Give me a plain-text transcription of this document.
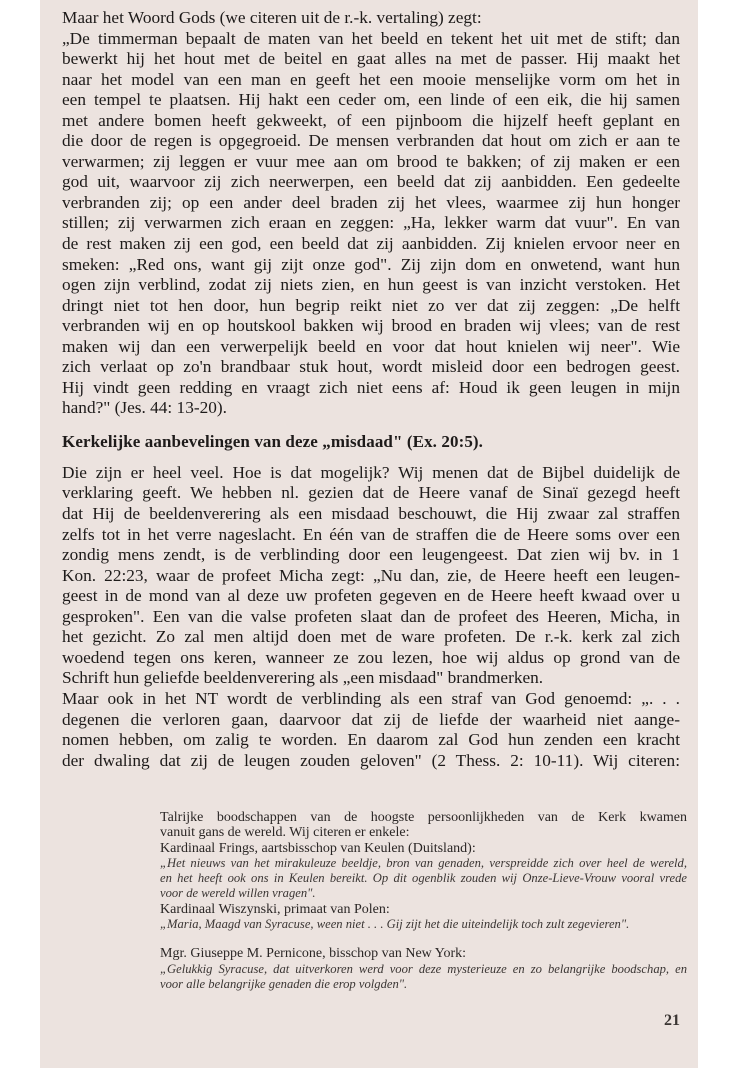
Maar het Woord Gods (we citeren uit de r.-k. vertaling) zegt:
„De timmerman bepaalt de maten van het beeld en tekent het uit met de stift; dan
bewerkt hij het hout met de beitel en gaat alles na met de passer. Hij maakt het
naar het model van een man en geeft het een mooie menselijke vorm om het in
een tempel te plaatsen. Hij hakt een ceder om, een linde of een eik, die hij samen
met andere bomen heeft gekweekt, of een pijnboom die hijzelf heeft geplant en
die door de regen is opgegroeid. De mensen verbranden dat hout om zich er aan te
verwarmen; zij leggen er vuur mee aan om brood te bakken; of zij maken er een
god uit, waarvoor zij zich neerwerpen, een beeld dat zij aanbidden. Een gedeelte
verbranden zij; op een ander deel braden zij het vlees, waarmee zij hun honger
stillen; zij verwarmen zich eraan en zeggen: „Ha, lekker warm dat vuur". En van
de rest maken zij een god, een beeld dat zij aanbidden. Zij knielen ervoor neer en
smeken: „Red ons, want gij zijt onze god". Zij zijn dom en onwetend, want hun
ogen zijn verblind, zodat zij niets zien, en hun geest is van inzicht verstoken. Het
dringt niet tot hen door, hun begrip reikt niet zo ver dat zij zeggen: „De helft
verbranden wij en op houtskool bakken wij brood en braden wij vlees; van de rest
maken wij dan een verwerpelijk beeld en voor dat hout knielen wij neer". Wie
zich verlaat op zo'n brandbaar stuk hout, wordt misleid door een bedrogen geest.
Hij vindt geen redding en vraagt zich niet eens af: Houd ik geen leugen in mijn
hand?" (Jes. 44: 13-20).
Kerkelijke aanbevelingen van deze „misdaad" (Ex. 20:5).
Die zijn er heel veel. Hoe is dat mogelijk? Wij menen dat de Bijbel duidelijk de
verklaring geeft. We hebben nl. gezien dat de Heere vanaf de Sinaï gezegd heeft
dat Hij de beeldenverering als een misdaad beschouwt, die Hij zwaar zal straffen
zelfs tot in het verre nageslacht. En één van de straffen die de Heere soms over een
zondig mens zendt, is de verblinding door een leugengeest. Dat zien wij bv. in 1
Kon. 22:23, waar de profeet Micha zegt: „Nu dan, zie, de Heere heeft een leugen-
geest in de mond van al deze uw profeten gegeven en de Heere heeft kwaad over u
gesproken". Een van die valse profeten slaat dan de profeet des Heeren, Micha, in
het gezicht. Zo zal men altijd doen met de ware profeten. De r.-k. kerk zal zich
woedend tegen ons keren, wanneer ze zou lezen, hoe wij aldus op grond van de
Schrift hun geliefde beeldenverering als „een misdaad" brandmerken.
Maar ook in het NT wordt de verblinding als een straf van God genoemd: „. . .
degenen die verloren gaan, daarvoor dat zij de liefde der waarheid niet aange-
nomen hebben, om zalig te worden. En daarom zal God hun zenden een kracht
der dwaling dat zij de leugen zouden geloven" (2 Thess. 2: 10-11). Wij citeren:
Talrijke boodschappen van de hoogste persoonlijkheden van de Kerk kwamen
vanuit gans de wereld. Wij citeren er enkele:
Kardinaal Frings, aartsbisschop van Keulen (Duitsland):
„Het nieuws van het mirakuleuze beeldje, bron van genaden, verspreidde zich over heel de wereld,
en het heeft ook ons in Keulen bereikt. Op dit ogenblik zouden wij Onze-Lieve-Vrouw vooral vrede
voor de wereld willen vragen".
Kardinaal Wiszynski, primaat van Polen:
„Maria, Maagd van Syracuse, ween niet . . . Gij zijt het die uiteindelijk toch zult zegevieren".
Mgr. Giuseppe M. Pernicone, bisschop van New York:
„Gelukkig Syracuse, dat uitverkoren werd voor deze mysterieuze en zo belangrijke boodschap, en
voor alle belangrijke genaden die erop volgden".
21
